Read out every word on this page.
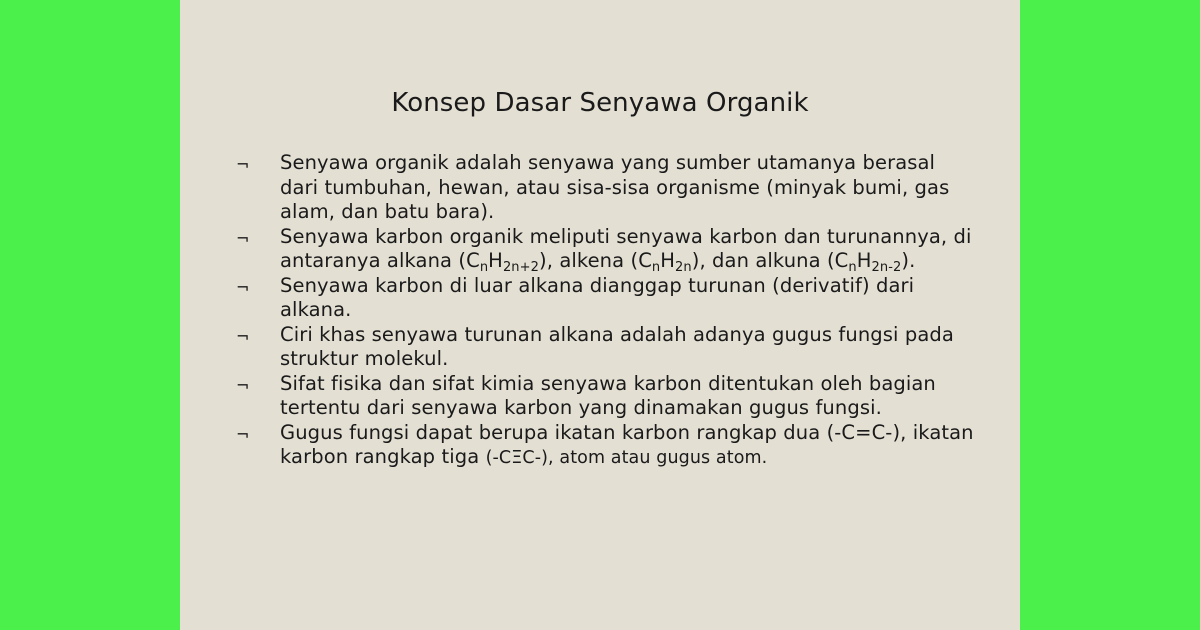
Konsep Dasar Senyawa Organik
¬ Senyawa organik adalah senyawa yang sumber utamanya berasal dari tumbuhan, hewan, atau sisa-sisa organisme (minyak bumi, gas alam, dan batu bara).
¬ Senyawa karbon organik meliputi senyawa karbon dan turunannya, di antaranya alkana $(C_nH_{2n+2})$, alkena $(C_nH_{2n})$, dan alkuna $(C_nH_{2n-2})$.
¬ Senyawa karbon di luar alkana dianggap turunan (derivatif) dari alkana.
¬ Ciri khas senyawa turunan alkana adalah adanya gugus fungsi pada struktur molekul.
¬ Sifat fisika dan sifat kimia senyawa karbon ditentukan oleh bagian tertentu dari senyawa karbon yang dinamakan gugus fungsi.
¬ Gugus fungsi dapat berupa ikatan karbon rangkap dua (-C=C-), ikatan karbon rangkap tiga (-CΞC-), atom atau gugus atom.
